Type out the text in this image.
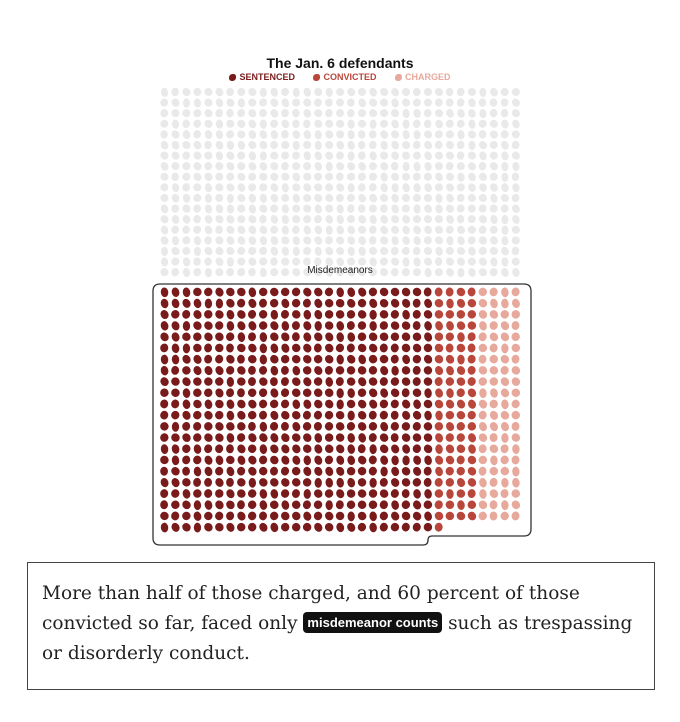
The Jan. 6 defendants
SENTENCED	CONVICTED	CHARGED
Misdemeanors
More than half of those charged, and 60 percent of those convicted so far, faced only misdemeanor counts such as trespassing or disorderly conduct.
